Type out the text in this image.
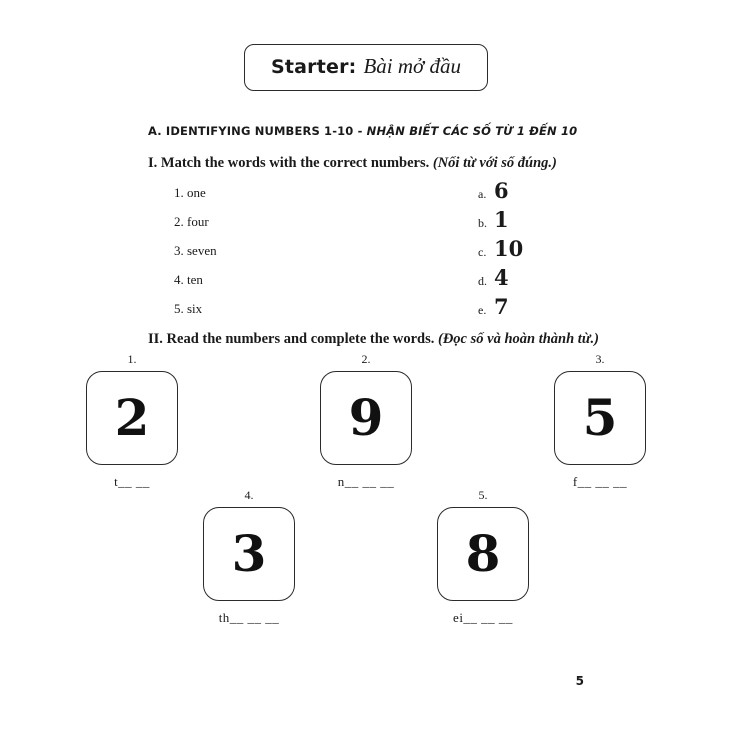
Starter: Bài mở đầu
A. IDENTIFYING NUMBERS 1-10 - NHẬN BIẾT CÁC SỐ TỪ 1 ĐẾN 10
I. Match the words with the correct numbers. (Nối từ với số đúng.)
1. one	a. 6
2. four	b. 1
3. seven	c. 10
4. ten	d. 4
5. six	e. 7
II. Read the numbers and complete the words. (Đọc số và hoàn thành từ.)
1.
2
t__ __
2.
9
n__ __ __
3.
5
f__ __ __
4.
3
th__ __ __
5.
8
ei__ __ __
5
